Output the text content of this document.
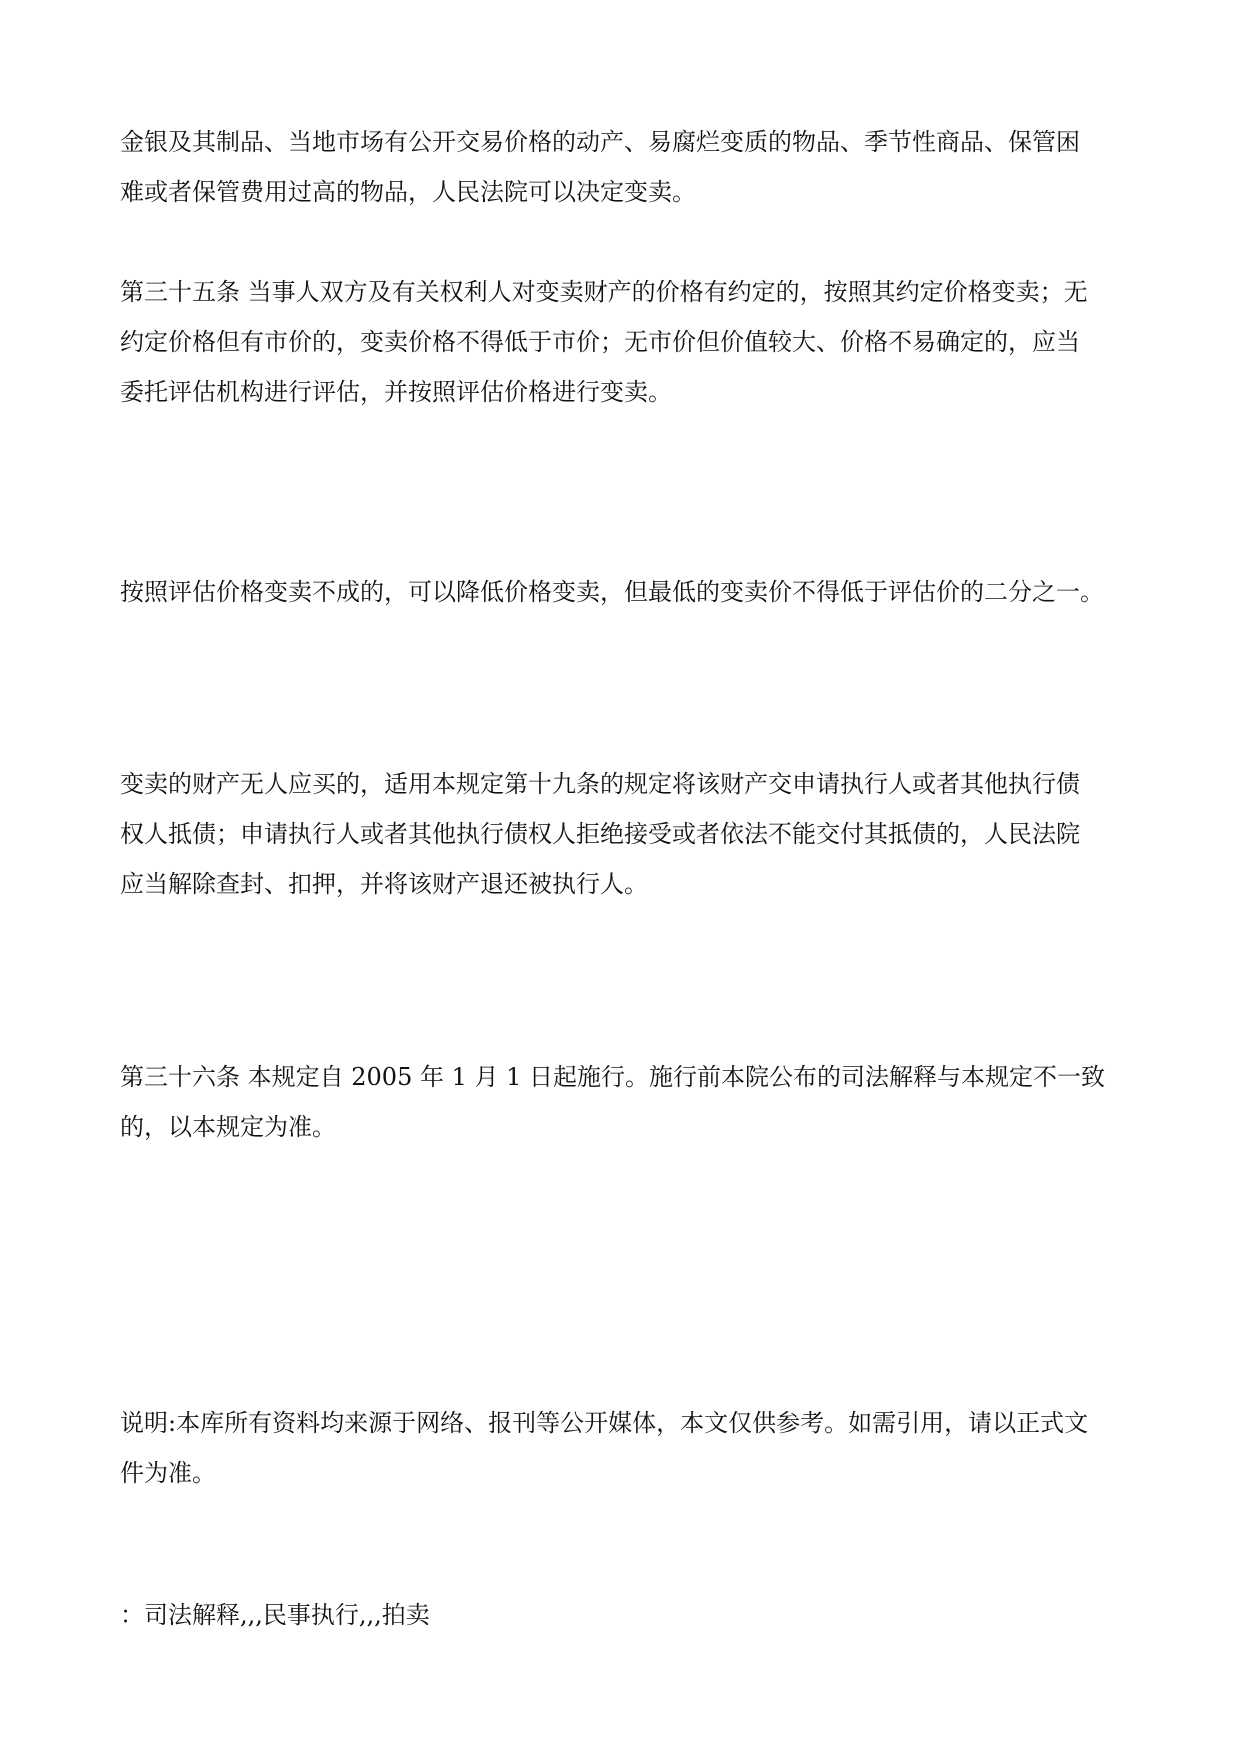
金银及其制品、当地市场有公开交易价格的动产、易腐烂变质的物品、季节性商品、保管困
难或者保管费用过高的物品，人民法院可以决定变卖。

第三十五条 当事人双方及有关权利人对变卖财产的价格有约定的，按照其约定价格变卖；无
约定价格但有市价的，变卖价格不得低于市价；无市价但价值较大、价格不易确定的，应当
委托评估机构进行评估，并按照评估价格进行变卖。

按照评估价格变卖不成的，可以降低价格变卖，但最低的变卖价不得低于评估价的二分之一。

变卖的财产无人应买的，适用本规定第十九条的规定将该财产交申请执行人或者其他执行债
权人抵债；申请执行人或者其他执行债权人拒绝接受或者依法不能交付其抵债的，人民法院
应当解除查封、扣押，并将该财产退还被执行人。

第三十六条 本规定自 2005 年 1 月 1 日起施行。施行前本院公布的司法解释与本规定不一致
的，以本规定为准。

说明:本库所有资料均来源于网络、报刊等公开媒体，本文仅供参考。如需引用，请以正式文
件为准。

：司法解释,,,民事执行,,,拍卖
